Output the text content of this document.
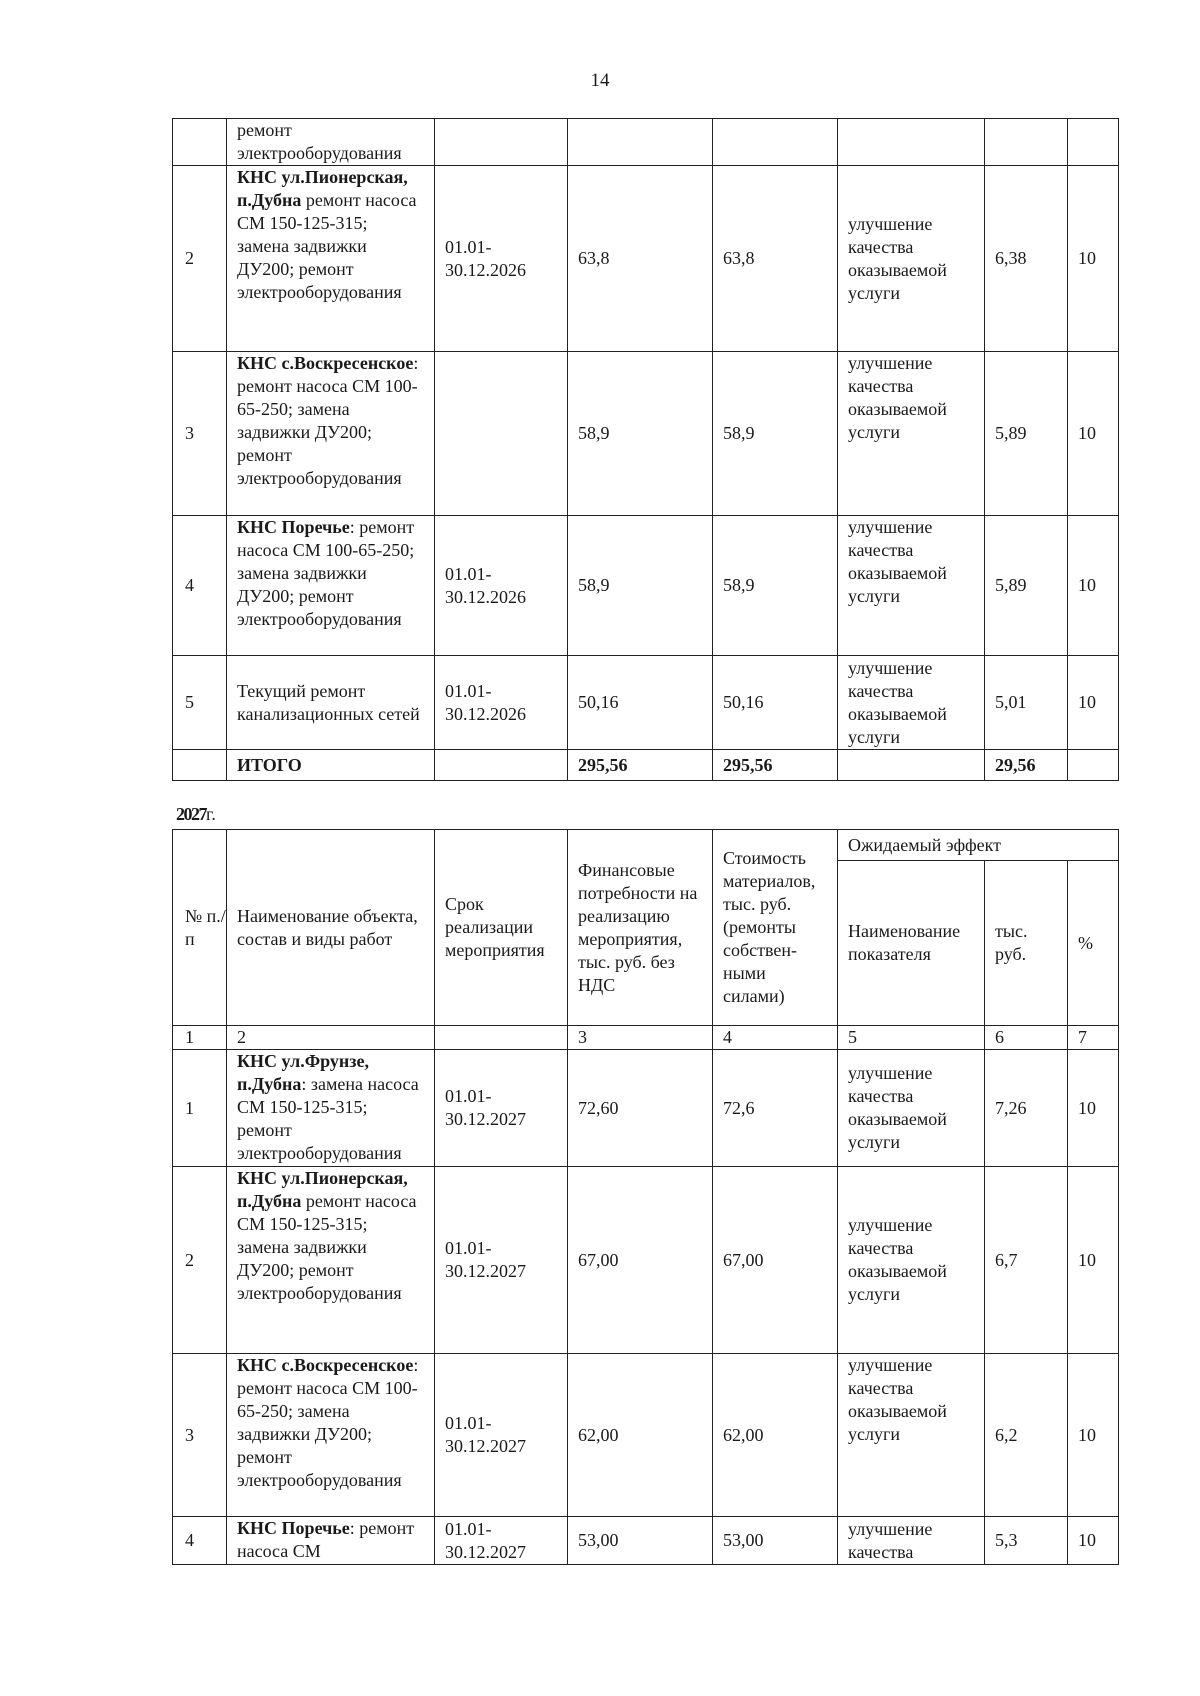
14
	ремонт электрооборудования						
2	КНС ул.Пионерская, п.Дубна ремонт насоса СМ 150-125-315; замена задвижки ДУ200; ремонт электрооборудования	01.01-30.12.2026	63,8	63,8	улучшение качества оказываемой услуги	6,38	10
3	КНС с.Воскресенское: ремонт насоса СМ 100-65-250; замена задвижки ДУ200; ремонт электрооборудования		58,9	58,9	улучшение качества оказываемой услуги	5,89	10
4	КНС Поречье: ремонт насоса СМ 100-65-250; замена задвижки ДУ200; ремонт электрооборудования	01.01-30.12.2026	58,9	58,9	улучшение качества оказываемой услуги	5,89	10
5	Текущий ремонт канализационных сетей	01.01-30.12.2026	50,16	50,16	улучшение качества оказываемой услуги	5,01	10
	ИТОГО		295,56	295,56		29,56	
2027г.
№ п./п	Наименование объекта, состав и виды работ	Срок реализации мероприятия	Финансовые потребности на реализацию мероприятия, тыс. руб. без НДС	Стоимость материалов, тыс. руб. (ремонты собствен-ными силами)	Ожидаемый эффект		
					Наименование показателя	тыс. руб.	%
1	2		3	4	5	6	7
1	КНС ул.Фрунзе, п.Дубна: замена насоса СМ 150-125-315; ремонт электрооборудования	01.01-30.12.2027	72,60	72,6	улучшение качества оказываемой услуги	7,26	10
2	КНС ул.Пионерская, п.Дубна ремонт насоса СМ 150-125-315; замена задвижки ДУ200; ремонт электрооборудования	01.01-30.12.2027	67,00	67,00	улучшение качества оказываемой услуги	6,7	10
3	КНС с.Воскресенское: ремонт насоса СМ 100-65-250; замена задвижки ДУ200; ремонт электрооборудования	01.01-30.12.2027	62,00	62,00	улучшение качества оказываемой услуги	6,2	10
4	КНС Поречье: ремонт насоса СМ	01.01-30.12.2027	53,00	53,00	улучшение качества	5,3	10
